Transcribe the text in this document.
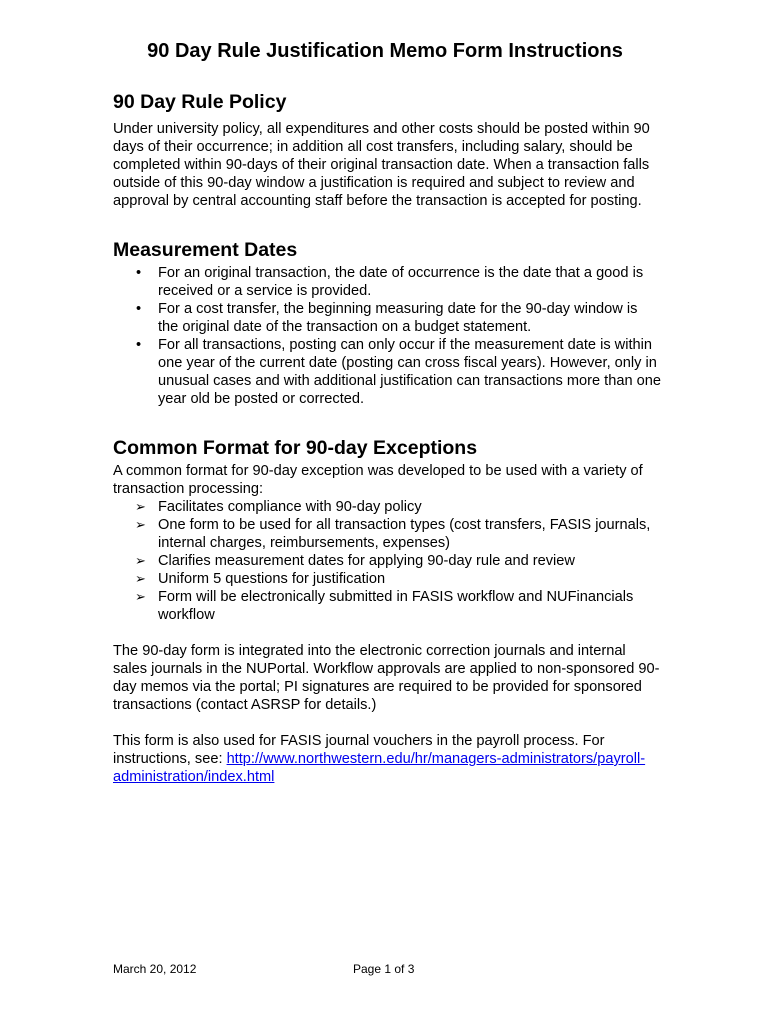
90 Day Rule Justification Memo Form Instructions
90 Day Rule Policy

Under university policy, all expenditures and other costs should be posted within 90 days of their occurrence; in addition all cost transfers, including salary, should be completed within 90-days of their original transaction date. When a transaction falls outside of this 90-day window a justification is required and subject to review and approval by central accounting staff before the transaction is accepted for posting.

Measurement Dates
• For an original transaction, the date of occurrence is the date that a good is received or a service is provided.
• For a cost transfer, the beginning measuring date for the 90-day window is the original date of the transaction on a budget statement.
• For all transactions, posting can only occur if the measurement date is within one year of the current date (posting can cross fiscal years). However, only in unusual cases and with additional justification can transactions more than one year old be posted or corrected.
Common Format for 90-day Exceptions

A common format for 90-day exception was developed to be used with a variety of transaction processing:

➢ Facilitates compliance with 90-day policy
➢ One form to be used for all transaction types (cost transfers, FASIS journals, internal charges, reimbursements, expenses)
➢ Clarifies measurement dates for applying 90-day rule and review
➢ Uniform 5 questions for justification
➢ Form will be electronically submitted in FASIS workflow and NUFinancials workflow

The 90-day form is integrated into the electronic correction journals and internal sales journals in the NUPortal. Workflow approvals are applied to non-sponsored 90-day memos via the portal; PI signatures are required to be provided for sponsored transactions (contact ASRSP for details.)

This form is also used for FASIS journal vouchers in the payroll process. For instructions, see: http://www.northwestern.edu/hr/managers-administrators/payroll-administration/index.html

March 20, 2012	Page 1 of 3
